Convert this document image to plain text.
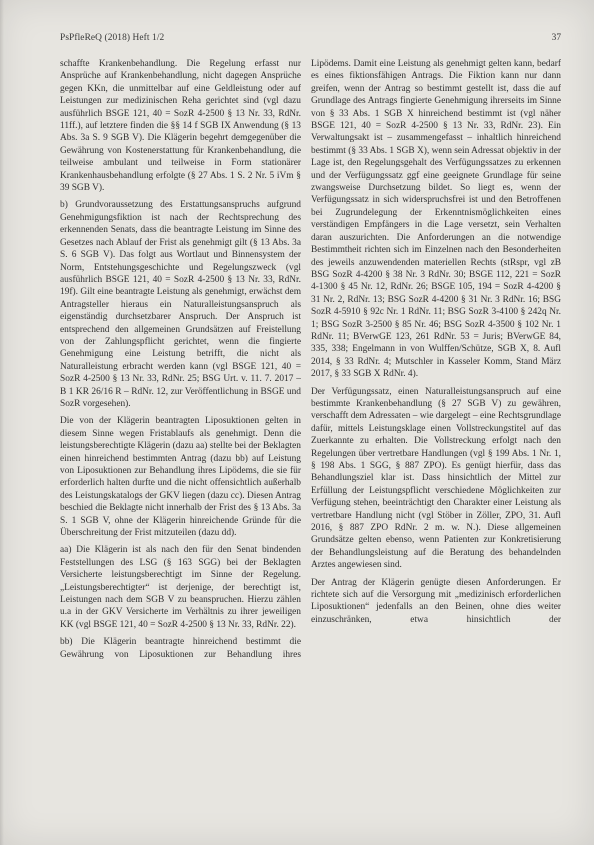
PsPfleReQ (2018) Heft 1/2	37

schaffte Krankenbehandlung. Die Regelung erfasst nur Ansprüche auf Krankenbehandlung, nicht dagegen Ansprüche gegen KKn, die unmittelbar auf eine Geldleistung oder auf Leistungen zur medizinischen Reha gerichtet sind (vgl dazu ausführlich BSGE 121, 40 = SozR 4-2500 § 13 Nr. 33, RdNr. 11ff.), auf letztere finden die §§ 14 f SGB IX Anwendung (§ 13 Abs. 3a S. 9 SGB V). Die Klägerin begehrt demgegenüber die Gewährung von Kostenerstattung für Krankenbehandlung, die teilweise ambulant und teilweise in Form stationärer Krankenhausbehandlung erfolgte (§ 27 Abs. 1 S. 2 Nr. 5 iVm § 39 SGB V).

b) Grundvoraussetzung des Erstattungsanspruchs aufgrund Genehmigungsfiktion ist nach der Rechtsprechung des erkennenden Senats, dass die beantragte Leistung im Sinne des Gesetzes nach Ablauf der Frist als genehmigt gilt (§ 13 Abs. 3a S. 6 SGB V). Das folgt aus Wortlaut und Binnensystem der Norm, Entstehungsgeschichte und Regelungszweck (vgl ausführlich BSGE 121, 40 = SozR 4-2500 § 13 Nr. 33, RdNr. 19f). Gilt eine beantragte Leistung als genehmigt, erwächst dem Antragsteller hieraus ein Naturalleistungsanspruch als eigenständig durchsetzbarer Anspruch. Der Anspruch ist entsprechend den allgemeinen Grundsätzen auf Freistellung von der Zahlungspflicht gerichtet, wenn die fingierte Genehmigung eine Leistung betrifft, die nicht als Naturalleistung erbracht werden kann (vgl BSGE 121, 40 = SozR 4-2500 § 13 Nr. 33, RdNr. 25; BSG Urt. v. 11. 7. 2017 – B 1 KR 26/16 R – RdNr. 12, zur Veröffentlichung in BSGE und SozR vorgesehen).

Die von der Klägerin beantragten Liposuktionen gelten in diesem Sinne wegen Fristablaufs als genehmigt. Denn die leistungsberechtigte Klägerin (dazu aa) stellte bei der Beklagten einen hinreichend bestimmten Antrag (dazu bb) auf Leistung von Liposuktionen zur Behandlung ihres Lipödems, die sie für erforderlich halten durfte und die nicht offensichtlich außerhalb des Leistungskatalogs der GKV liegen (dazu cc). Diesen Antrag beschied die Beklagte nicht innerhalb der Frist des § 13 Abs. 3a S. 1 SGB V, ohne der Klägerin hinreichende Gründe für die Überschreitung der Frist mitzuteilen (dazu dd).

aa) Die Klägerin ist als nach den für den Senat bindenden Feststellungen des LSG (§ 163 SGG) bei der Beklagten Versicherte leistungsberechtigt im Sinne der Regelung. „Leistungsberechtigter“ ist derjenige, der berechtigt ist, Leistungen nach dem SGB V zu beanspruchen. Hierzu zählen u.a in der GKV Versicherte im Verhältnis zu ihrer jeweiligen KK (vgl BSGE 121, 40 = SozR 4-2500 § 13 Nr. 33, RdNr. 22).

bb) Die Klägerin beantragte hinreichend bestimmt die Gewährung von Liposuktionen zur Behandlung ihres

Lipödems. Damit eine Leistung als genehmigt gelten kann, bedarf es eines fiktionsfähigen Antrags. Die Fiktion kann nur dann greifen, wenn der Antrag so bestimmt gestellt ist, dass die auf Grundlage des Antrags fingierte Genehmigung ihrerseits im Sinne von § 33 Abs. 1 SGB X hinreichend bestimmt ist (vgl näher BSGE 121, 40 = SozR 4-2500 § 13 Nr. 33, RdNr. 23). Ein Verwaltungsakt ist – zusammengefasst – inhaltlich hinreichend bestimmt (§ 33 Abs. 1 SGB X), wenn sein Adressat objektiv in der Lage ist, den Regelungsgehalt des Verfügungssatzes zu erkennen und der Verfügungssatz ggf eine geeignete Grundlage für seine zwangsweise Durchsetzung bildet. So liegt es, wenn der Verfügungssatz in sich widerspruchsfrei ist und den Betroffenen bei Zugrundelegung der Erkenntnismöglichkeiten eines verständigen Empfängers in die Lage versetzt, sein Verhalten daran auszurichten. Die Anforderungen an die notwendige Bestimmtheit richten sich im Einzelnen nach den Besonderheiten des jeweils anzuwendenden materiellen Rechts (stRspr, vgl zB BSG SozR 4-4200 § 38 Nr. 3 RdNr. 30; BSGE 112, 221 = SozR 4-1300 § 45 Nr. 12, RdNr. 26; BSGE 105, 194 = SozR 4-4200 § 31 Nr. 2, RdNr. 13; BSG SozR 4-4200 § 31 Nr. 3 RdNr. 16; BSG SozR 4-5910 § 92c Nr. 1 RdNr. 11; BSG SozR 3-4100 § 242q Nr. 1; BSG SozR 3-2500 § 85 Nr. 46; BSG SozR 4-3500 § 102 Nr. 1 RdNr. 11; BVerwGE 123, 261 RdNr. 53 = Juris; BVerwGE 84, 335, 338; Engelmann in von Wulffen/Schütze, SGB X, 8. Aufl 2014, § 33 RdNr. 4; Mutschler in Kasseler Komm, Stand März 2017, § 33 SGB X RdNr. 4).

Der Verfügungssatz, einen Naturalleistungsanspruch auf eine bestimmte Krankenbehandlung (§ 27 SGB V) zu gewähren, verschafft dem Adressaten – wie dargelegt – eine Rechtsgrundlage dafür, mittels Leistungsklage einen Vollstreckungstitel auf das Zuerkannte zu erhalten. Die Vollstreckung erfolgt nach den Regelungen über vertretbare Handlungen (vgl § 199 Abs. 1 Nr. 1, § 198 Abs. 1 SGG, § 887 ZPO). Es genügt hierfür, dass das Behandlungsziel klar ist. Dass hinsichtlich der Mittel zur Erfüllung der Leistungspflicht verschiedene Möglichkeiten zur Verfügung stehen, beeinträchtigt den Charakter einer Leistung als vertretbare Handlung nicht (vgl Stöber in Zöller, ZPO, 31. Aufl 2016, § 887 ZPO RdNr. 2 m. w. N.). Diese allgemeinen Grundsätze gelten ebenso, wenn Patienten zur Konkretisierung der Behandlungsleistung auf die Beratung des behandelnden Arztes angewiesen sind.

Der Antrag der Klägerin genügte diesen Anforderungen. Er richtete sich auf die Versorgung mit „medizinisch erforderlichen Liposuktionen“ jedenfalls an den Beinen, ohne dies weiter einzuschränken, etwa hinsichtlich der
